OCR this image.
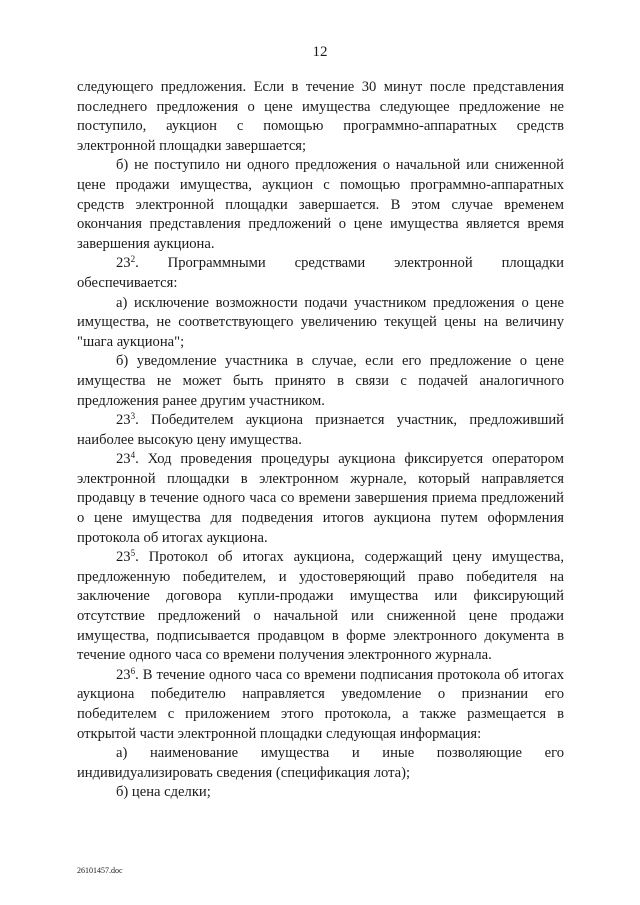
12

следующего предложения. Если в течение 30 минут после представления последнего предложения о цене имущества следующее предложение не поступило, аукцион с помощью программно-аппаратных средств электронной площадки завершается;

б) не поступило ни одного предложения о начальной или сниженной цене продажи имущества, аукцион с помощью программно-аппаратных средств электронной площадки завершается. В этом случае временем окончания представления предложений о цене имущества является время завершения аукциона.

$23^2$. Программными средствами электронной площадки обеспечивается:

а) исключение возможности подачи участником предложения о цене имущества, не соответствующего увеличению текущей цены на величину "шага аукциона";

б) уведомление участника в случае, если его предложение о цене имущества не может быть принято в связи с подачей аналогичного предложения ранее другим участником.

$23^3$. Победителем аукциона признается участник, предложивший наиболее высокую цену имущества.

$23^4$. Ход проведения процедуры аукциона фиксируется оператором электронной площадки в электронном журнале, который направляется продавцу в течение одного часа со времени завершения приема предложений о цене имущества для подведения итогов аукциона путем оформления протокола об итогах аукциона.

$23^5$. Протокол об итогах аукциона, содержащий цену имущества, предложенную победителем, и удостоверяющий право победителя на заключение договора купли-продажи имущества или фиксирующий отсутствие предложений о начальной или сниженной цене продажи имущества, подписывается продавцом в форме электронного документа в течение одного часа со времени получения электронного журнала.

$23^6$. В течение одного часа со времени подписания протокола об итогах аукциона победителю направляется уведомление о признании его победителем с приложением этого протокола, а также размещается в открытой части электронной площадки следующая информация:

а) наименование имущества и иные позволяющие его индивидуализировать сведения (спецификация лота);

б) цена сделки;

26101457.doc
